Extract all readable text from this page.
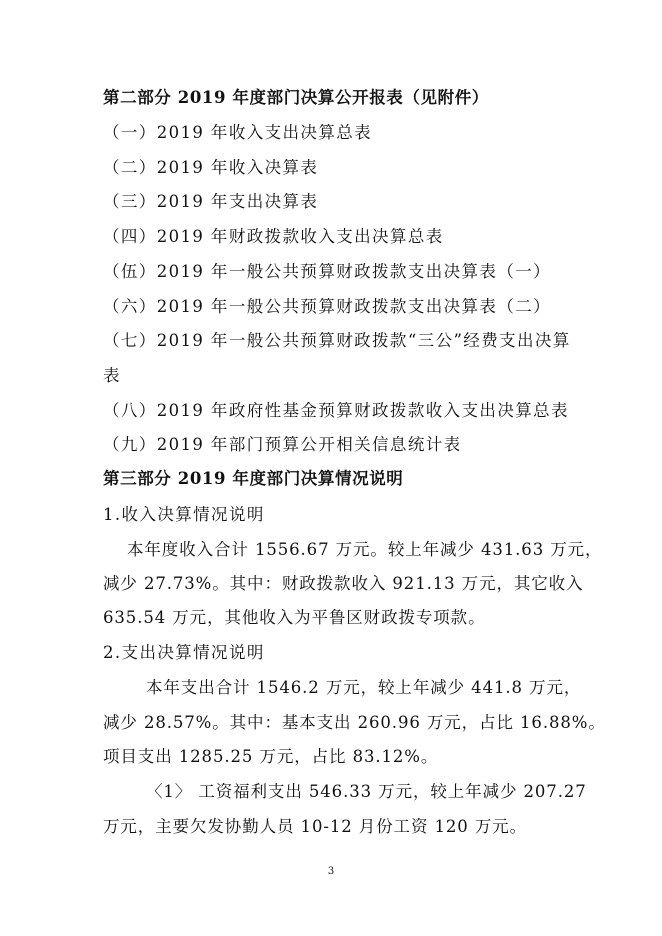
第二部分 2019 年度部门决算公开报表（见附件）
（一）2019 年收入支出决算总表
（二）2019 年收入决算表
（三）2019 年支出决算表
（四）2019 年财政拨款收入支出决算总表
（伍）2019 年一般公共预算财政拨款支出决算表（一）
（六）2019 年一般公共预算财政拨款支出决算表（二）
（七）2019 年一般公共预算财政拨款“三公”经费支出决算
表
（八）2019 年政府性基金预算财政拨款收入支出决算总表
（九）2019 年部门预算公开相关信息统计表
第三部分 2019 年度部门决算情况说明
1.收入决算情况说明
本年度收入合计 1556.67 万元。较上年减少 431.63 万元，
减少 27.73%。其中：财政拨款收入 921.13 万元，其它收入
635.54 万元，其他收入为平鲁区财政拨专项款。
2.支出决算情况说明
本年支出合计 1546.2 万元，较上年减少 441.8 万元，
减少 28.57%。其中：基本支出 260.96 万元，占比 16.88%。
项目支出 1285.25 万元，占比 83.12%。
〈1〉 工资福利支出 546.33 万元，较上年减少 207.27
万元，主要欠发协勤人员 10-12 月份工资 120 万元。
3
